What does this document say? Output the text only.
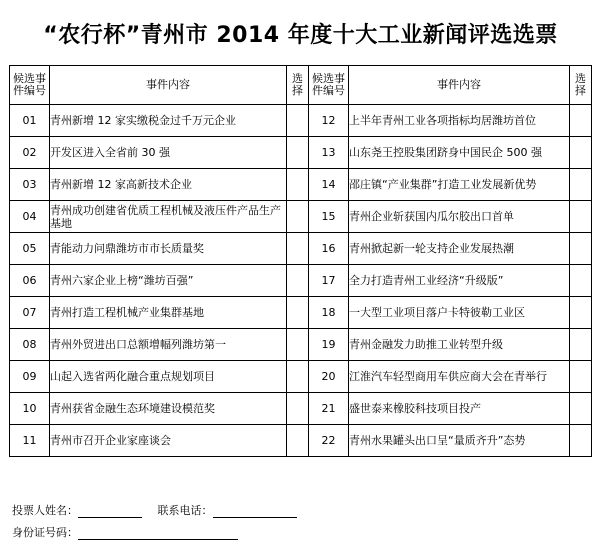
“农行杯”青州市 2014 年度十大工业新闻评选选票
候选事件编号	事件内容	选择	候选事件编号	事件内容	选择
01	青州新增 12 家实缴税金过千万元企业		12	上半年青州工业各项指标均居潍坊首位	
02	开发区进入全省前 30 强		13	山东尧王控股集团跻身中国民企 500 强	
03	青州新增 12 家高新技术企业		14	邵庄镇“产业集群”打造工业发展新优势	
04	青州成功创建省优质工程机械及液压件产品生产基地		15	青州企业斩获国内瓜尔胶出口首单	
05	青能动力问鼎潍坊市市长质量奖		16	青州掀起新一轮支持企业发展热潮	
06	青州六家企业上榜“潍坊百强”		17	全力打造青州工业经济“升级版”	
07	青州打造工程机械产业集群基地		18	一大型工业项目落户卡特彼勒工业区	
08	青州外贸进出口总额增幅列潍坊第一		19	青州金融发力助推工业转型升级	
09	山起入选省两化融合重点规划项目		20	江淮汽车轻型商用车供应商大会在青举行	
10	青州获省金融生态环境建设模范奖		21	盛世泰来橡胶科技项目投产	
11	青州市召开企业家座谈会		22	青州水果罐头出口呈“量质齐升”态势	
投票人姓名：	联系电话：
身份证号码：
